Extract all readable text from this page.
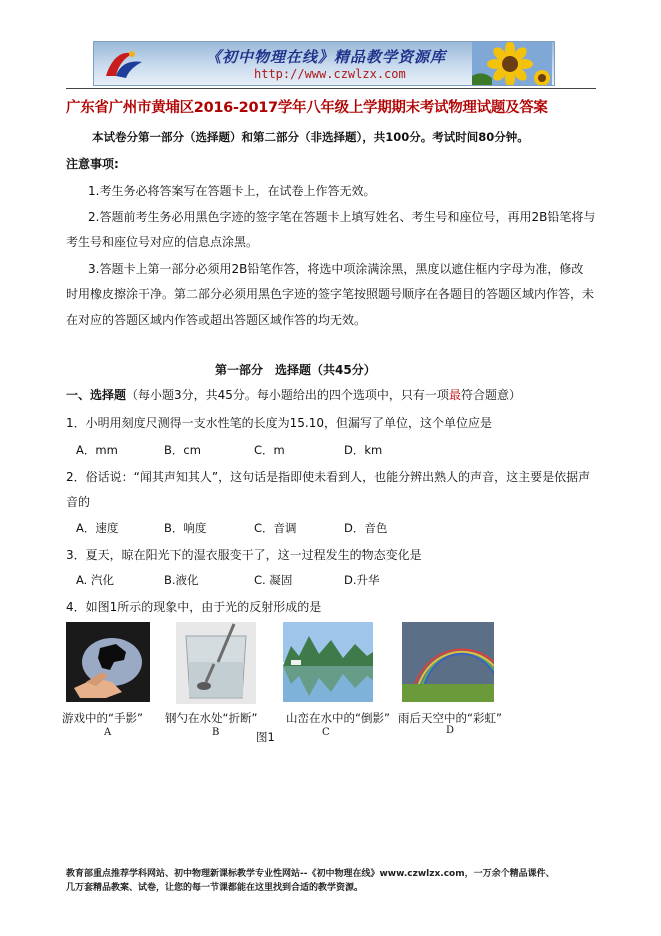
《初中物理在线》精品教学资源库
http://www.czwlzx.com
广东省广州市黄埔区2016-2017学年八年级上学期期末考试物理试题及答案
本试卷分第一部分（选择题）和第二部分（非选择题），共100分。考试时间80分钟。
注意事项:
1.考生务必将答案写在答题卡上，在试卷上作答无效。
2.答题前考生务必用黑色字迹的签字笔在答题卡上填写姓名、考生号和座位号，再用2B铅笔将与
考生号和座位号对应的信息点涂黑。
3.答题卡上第一部分必须用2B铅笔作答，将选中项涂满涂黑，黑度以遮住框内字母为准，修改
时用橡皮擦涂干净。第二部分必须用黑色字迹的签字笔按照题号顺序在各题目的答题区域内作答，未
在对应的答题区域内作答或超出答题区域作答的均无效。
第一部分　选择题（共45分）
一、选择题（每小题3分，共45分。每小题给出的四个选项中，只有一项最符合题意）
1．小明用刻度尺测得一支水性笔的长度为15.10，但漏写了单位，这个单位应是
A．mm	B．cm	C．m	D．km
2．俗话说：“闻其声知其人”，这句话是指即使未看到人，也能分辨出熟人的声音，这主要是依据声
音的
A．速度	B．响度	C．音调	D．音色
3．夏天，晾在阳光下的湿衣服变干了，这一过程发生的物态变化是
A. 汽化	B.液化	C. 凝固	D.升华
4．如图1所示的现象中，由于光的反射形成的是
游戏中的“手影” 钢勺在水处“折断” 山峦在水中的“倒影” 雨后天空中的“彩虹”
A	B	图1	C	D
教育部重点推荐学科网站、初中物理新课标教学专业性网站--《初中物理在线》www.czwlzx.com，一万余个精品课件、
几万套精品教案、试卷，让您的每一节课都能在这里找到合适的教学资源。
